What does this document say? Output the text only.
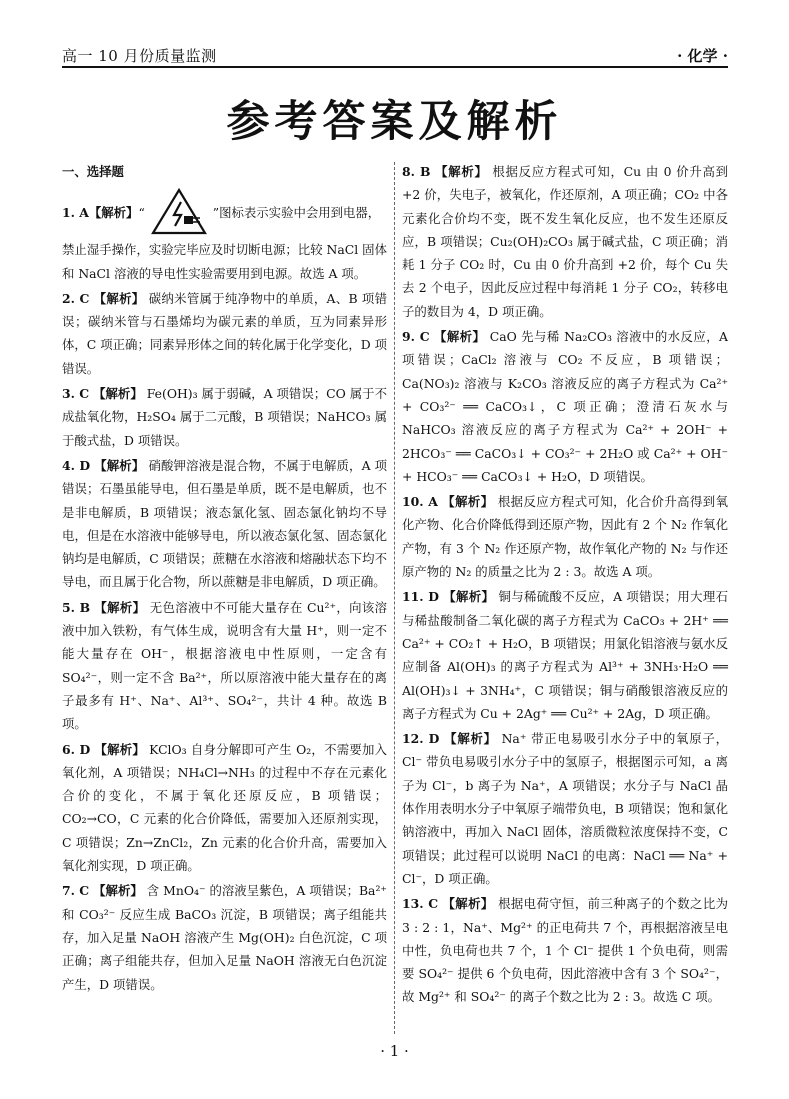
高一 10 月份质量监测	· 化学 ·
参考答案及解析
一、选择题
1. A 【解析】 “	”图标表示实验中会用到电器，
禁止湿手操作，实验完毕应及时切断电源；比较 NaCl 固体和 NaCl 溶液的导电性实验需要用到电源。故选 A 项。
2. C 【解析】 碳纳米管属于纯净物中的单质，A、B 项错误；碳纳米管与石墨烯均为碳元素的单质，互为同素异形体，C 项正确；同素异形体之间的转化属于化学变化，D 项错误。
3. C 【解析】 Fe(OH)₃ 属于弱碱，A 项错误；CO 属于不成盐氧化物，H₂SO₄ 属于二元酸，B 项错误；NaHCO₃ 属于酸式盐，D 项错误。
4. D 【解析】 硝酸钾溶液是混合物，不属于电解质，A 项错误；石墨虽能导电，但石墨是单质，既不是电解质，也不是非电解质，B 项错误；液态氯化氢、固态氯化钠均不导电，但是在水溶液中能够导电，所以液态氯化氢、固态氯化钠均是电解质，C 项错误；蔗糖在水溶液和熔融状态下均不导电，而且属于化合物，所以蔗糖是非电解质，D 项正确。
5. B 【解析】 无色溶液中不可能大量存在 Cu²⁺，向该溶液中加入铁粉，有气体生成，说明含有大量 H⁺，则一定不能大量存在 OH⁻，根据溶液电中性原则，一定含有 SO₄²⁻，则一定不含 Ba²⁺，所以原溶液中能大量存在的离子最多有 H⁺、Na⁺、Al³⁺、SO₄²⁻，共计 4 种。故选 B 项。
6. D 【解析】 KClO₃ 自身分解即可产生 O₂，不需要加入氧化剂，A 项错误；NH₄Cl→NH₃ 的过程中不存在元素化合价的变化，不属于氧化还原反应，B 项错误；CO₂→CO，C 元素的化合价降低，需要加入还原剂实现，C 项错误；Zn→ZnCl₂，Zn 元素的化合价升高，需要加入氧化剂实现，D 项正确。
7. C 【解析】 含 MnO₄⁻ 的溶液呈紫色，A 项错误；Ba²⁺ 和 CO₃²⁻ 反应生成 BaCO₃ 沉淀，B 项错误；离子组能共存，加入足量 NaOH 溶液产生 Mg(OH)₂ 白色沉淀，C 项正确；离子组能共存，但加入足量 NaOH 溶液无白色沉淀产生，D 项错误。
8. B 【解析】 根据反应方程式可知，Cu 由 0 价升高到 +2 价，失电子，被氧化，作还原剂，A 项正确；CO₂ 中各元素化合价均不变，既不发生氧化反应，也不发生还原反应，B 项错误；Cu₂(OH)₂CO₃ 属于碱式盐，C 项正确；消耗 1 分子 CO₂ 时，Cu 由 0 价升高到 +2 价，每个 Cu 失去 2 个电子，因此反应过程中每消耗 1 分子 CO₂，转移电子的数目为 4，D 项正确。
9. C 【解析】 CaO 先与稀 Na₂CO₃ 溶液中的水反应，A 项错误；CaCl₂ 溶液与 CO₂ 不反应，B 项错误；Ca(NO₃)₂ 溶液与 K₂CO₃ 溶液反应的离子方程式为 Ca²⁺ + CO₃²⁻ ══ CaCO₃↓，C 项正确；澄清石灰水与 NaHCO₃ 溶液反应的离子方程式为 Ca²⁺ + 2OH⁻ + 2HCO₃⁻ ══ CaCO₃↓ + CO₃²⁻ + 2H₂O 或 Ca²⁺ + OH⁻ + HCO₃⁻ ══ CaCO₃↓ + H₂O，D 项错误。
10. A 【解析】 根据反应方程式可知，化合价升高得到氧化产物、化合价降低得到还原产物，因此有 2 个 N₂ 作氧化产物，有 3 个 N₂ 作还原产物，故作氧化产物的 N₂ 与作还原产物的 N₂ 的质量之比为 2 : 3。故选 A 项。
11. D 【解析】 铜与稀硫酸不反应，A 项错误；用大理石与稀盐酸制备二氧化碳的离子方程式为 CaCO₃ + 2H⁺ ══ Ca²⁺ + CO₂↑ + H₂O，B 项错误；用氯化铝溶液与氨水反应制备 Al(OH)₃ 的离子方程式为 Al³⁺ + 3NH₃·H₂O ══ Al(OH)₃↓ + 3NH₄⁺，C 项错误；铜与硝酸银溶液反应的离子方程式为 Cu + 2Ag⁺ ══ Cu²⁺ + 2Ag，D 项正确。
12. D 【解析】 Na⁺ 带正电易吸引水分子中的氧原子，Cl⁻ 带负电易吸引水分子中的氢原子，根据图示可知，a 离子为 Cl⁻，b 离子为 Na⁺，A 项错误；水分子与 NaCl 晶体作用表明水分子中氧原子端带负电，B 项错误；饱和氯化钠溶液中，再加入 NaCl 固体，溶质微粒浓度保持不变，C 项错误；此过程可以说明 NaCl 的电离：NaCl ══ Na⁺ + Cl⁻，D 项正确。
13. C 【解析】 根据电荷守恒，前三种离子的个数之比为 3 : 2 : 1，Na⁺、Mg²⁺ 的正电荷共 7 个，再根据溶液呈电中性，负电荷也共 7 个，1 个 Cl⁻ 提供 1 个负电荷，则需要 SO₄²⁻ 提供 6 个负电荷，因此溶液中含有 3 个 SO₄²⁻，故 Mg²⁺ 和 SO₄²⁻ 的离子个数之比为 2 : 3。故选 C 项。
· 1 ·
